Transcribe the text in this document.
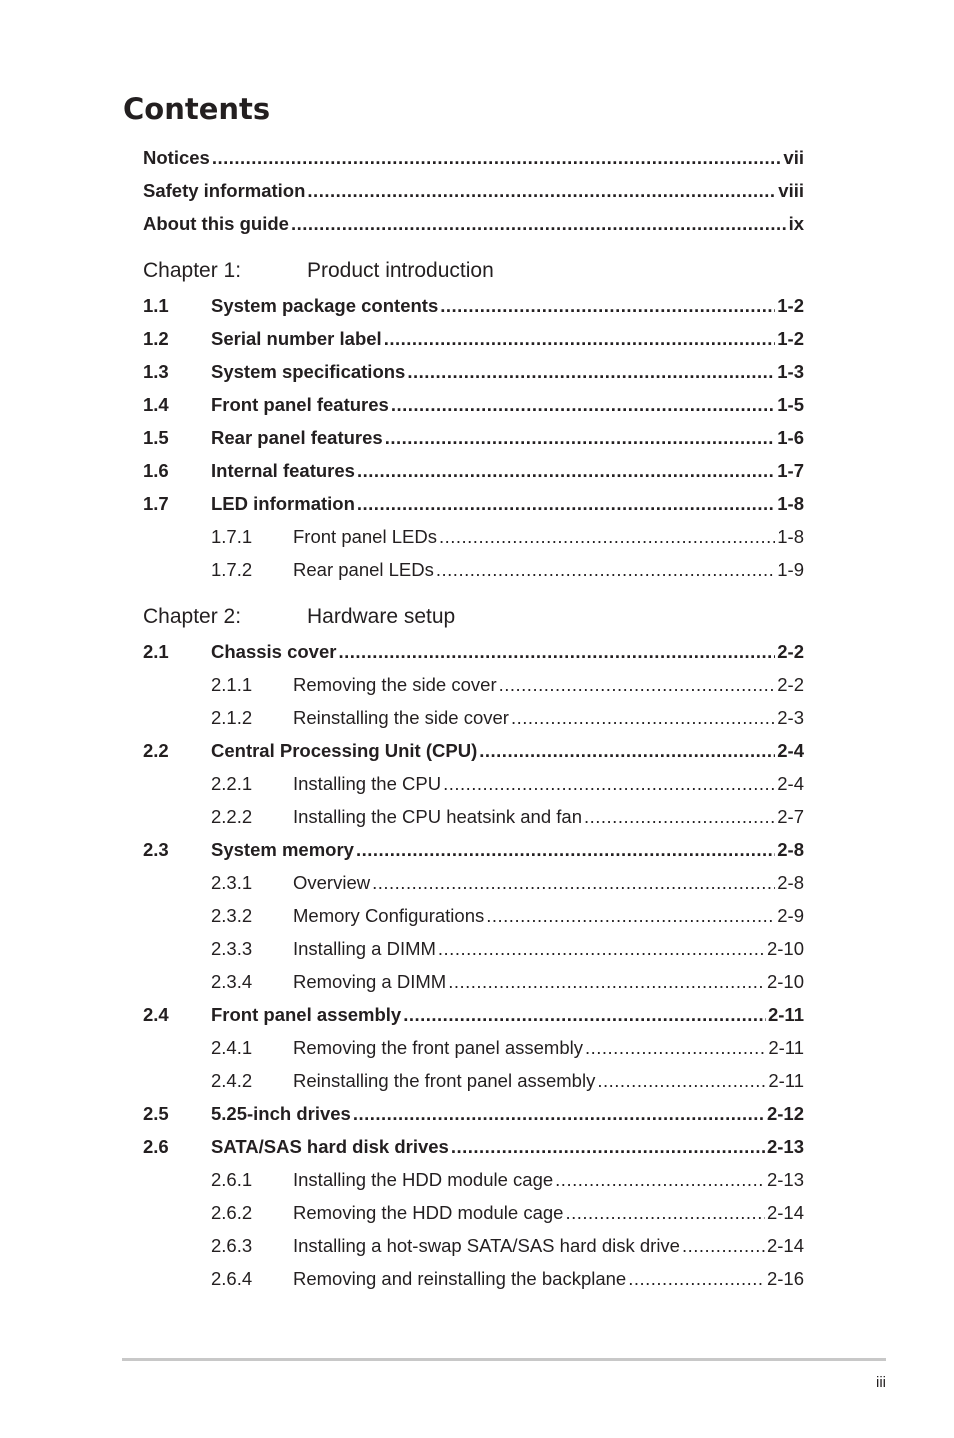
Contents
Notices .....	vii
Safety information .....	viii
About this guide .....	ix
Chapter 1:	Product introduction
1.1	System package contents .....	1-2
1.2	Serial number label .....	1-2
1.3	System specifications .....	1-3
1.4	Front panel features .....	1-5
1.5	Rear panel features .....	1-6
1.6	Internal features .....	1-7
1.7	LED information .....	1-8
1.7.1	Front panel LEDs .....	1-8
1.7.2	Rear panel LEDs .....	1-9
Chapter 2:	Hardware setup
2.1	Chassis cover .....	2-2
2.1.1	Removing the side cover .....	2-2
2.1.2	Reinstalling the side cover .....	2-3
2.2	Central Processing Unit (CPU) .....	2-4
2.2.1	Installing the CPU .....	2-4
2.2.2	Installing the CPU heatsink and fan .....	2-7
2.3	System memory .....	2-8
2.3.1	Overview .....	2-8
2.3.2	Memory Configurations .....	2-9
2.3.3	Installing a DIMM .....	2-10
2.3.4	Removing a DIMM .....	2-10
2.4	Front panel assembly .....	2-11
2.4.1	Removing the front panel assembly .....	2-11
2.4.2	Reinstalling the front panel assembly .....	2-11
2.5	5.25-inch drives .....	2-12
2.6	SATA/SAS hard disk drives .....	2-13
2.6.1	Installing the HDD module cage .....	2-13
2.6.2	Removing the HDD module cage .....	2-14
2.6.3	Installing a hot-swap SATA/SAS hard disk drive .....	2-14
2.6.4	Removing and reinstalling the backplane .....	2-16
iii
